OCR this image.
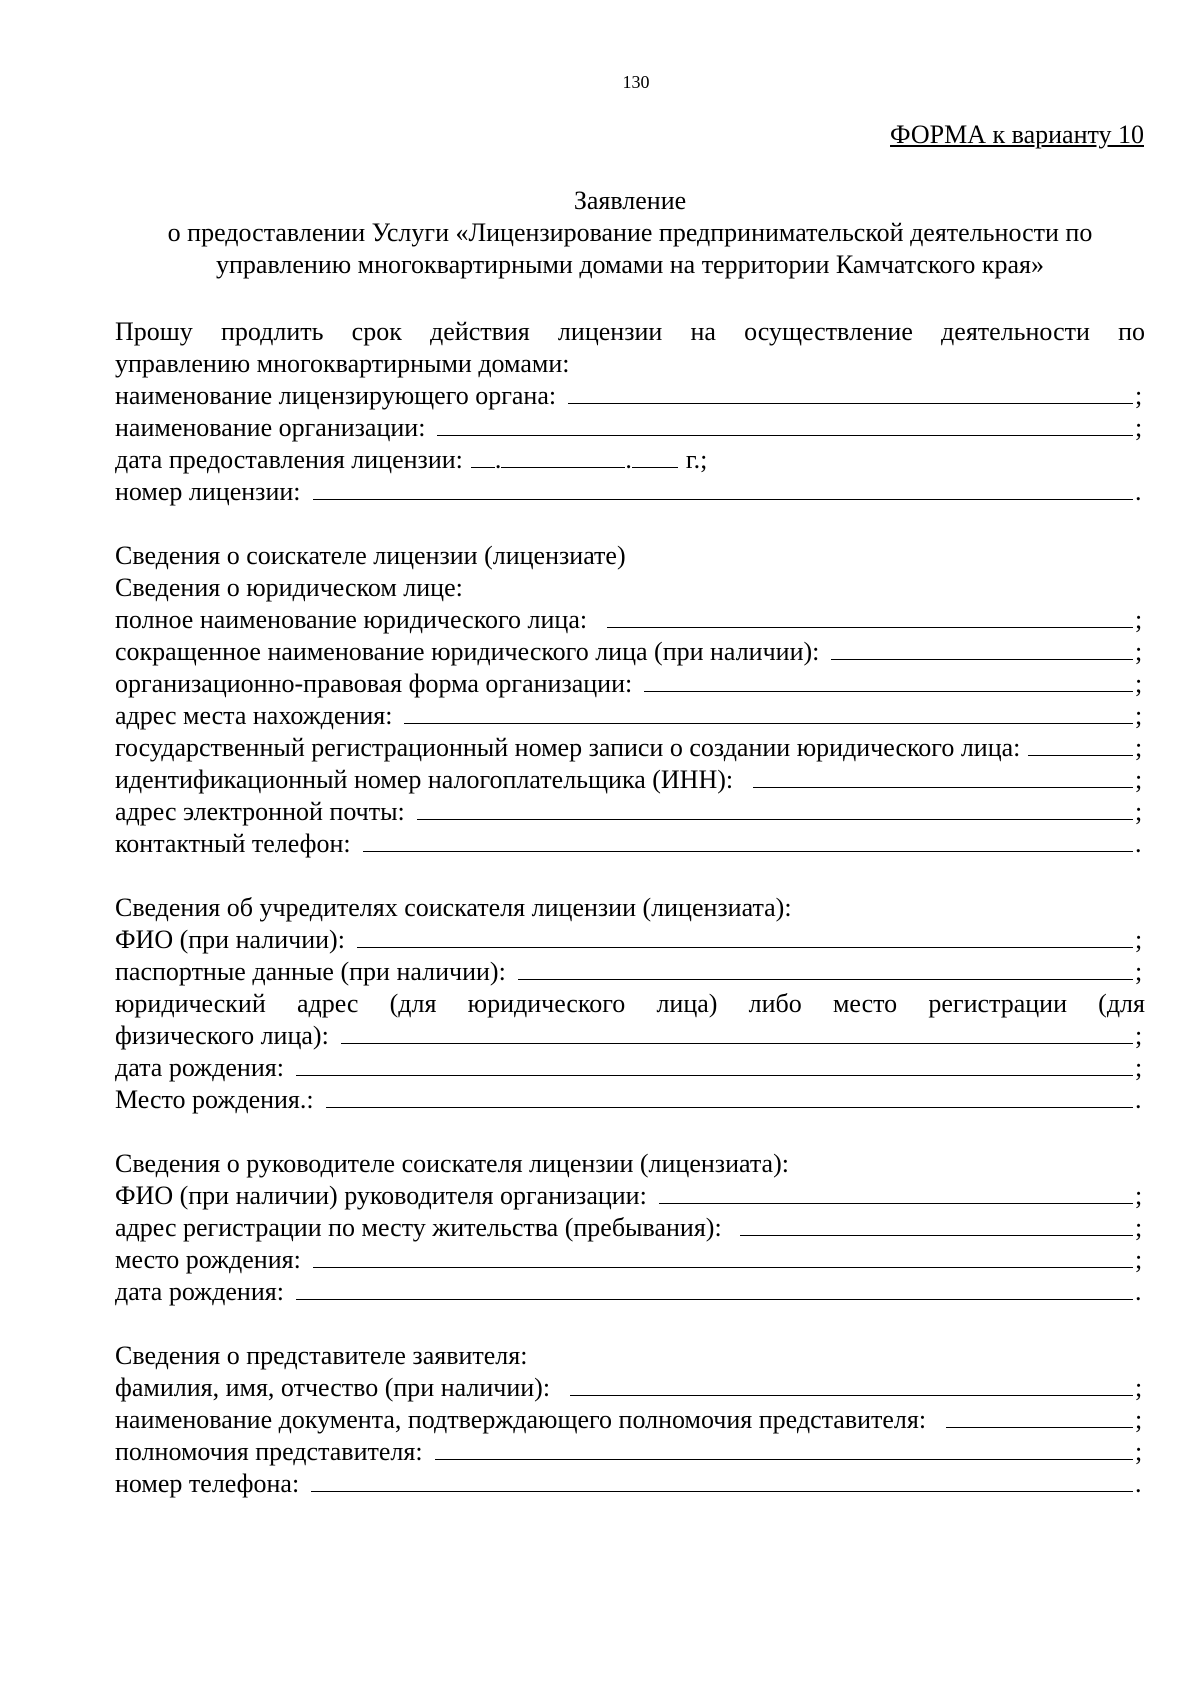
130
ФОРМА к варианту 10
Заявление
о предоставлении Услуги «Лицензирование предпринимательской деятельности по
управлению многоквартирными домами на территории Камчатского края»
Прошу продлить срок действия лицензии на осуществление деятельности по
управлению многоквартирными домами:
наименование лицензирующего органа:	;
наименование организации:	;
дата предоставления лицензии: .	. г.;
номер лицензии:	.
Сведения о соискателе лицензии (лицензиате)
Сведения о юридическом лице:
полное наименование юридического лица:	;
сокращенное наименование юридического лица (при наличии):	;
организационно-правовая форма организации:	;
адрес места нахождения:	;
государственный регистрационный номер записи о создании юридического лица:	;
идентификационный номер налогоплательщика (ИНН):	;
адрес электронной почты:	;
контактный телефон:	.
Сведения об учредителях соискателя лицензии (лицензиата):
ФИО (при наличии):	;
паспортные данные (при наличии):	;
юридический адрес (для юридического лица) либо место регистрации (для
физического лица):	;
дата рождения:	;
Место рождения.:	.
Сведения о руководителе соискателя лицензии (лицензиата):
ФИО (при наличии) руководителя организации:	;
адрес регистрации по месту жительства (пребывания):	;
место рождения:	;
дата рождения:	.
Сведения о представителе заявителя:
фамилия, имя, отчество (при наличии):	;
наименование документа, подтверждающего полномочия представителя:	;
полномочия представителя:	;
номер телефона:	.
